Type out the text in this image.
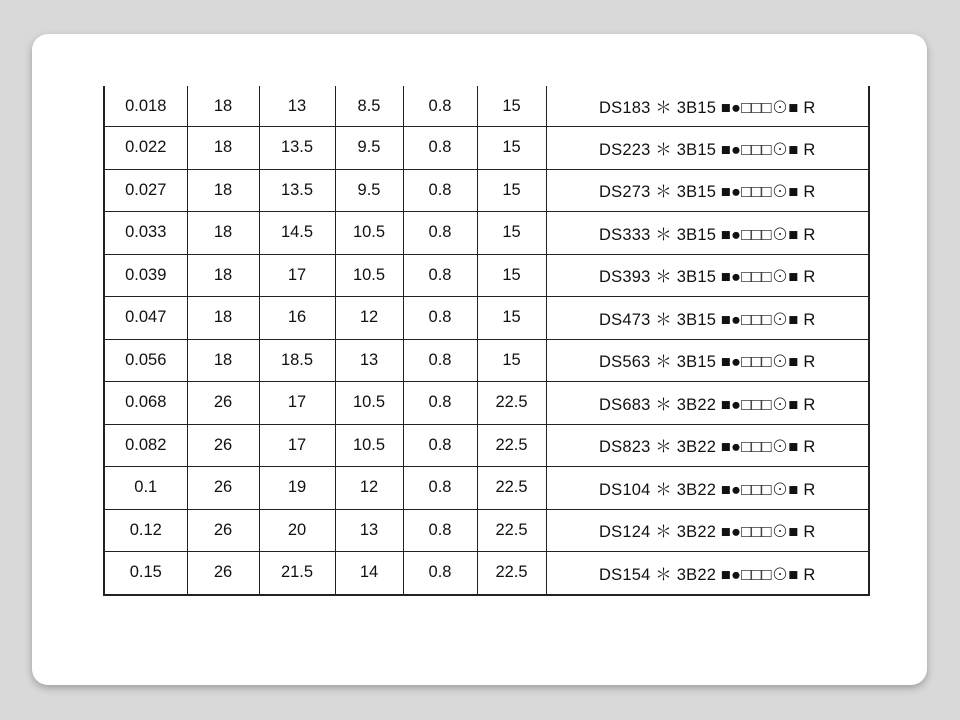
0.018	18	13	8.5	0.8	15	DS183 ＊ 3B15 ■●□□□⊙■ R
0.022	18	13.5	9.5	0.8	15	DS223 ＊ 3B15 ■●□□□⊙■ R
0.027	18	13.5	9.5	0.8	15	DS273 ＊ 3B15 ■●□□□⊙■ R
0.033	18	14.5	10.5	0.8	15	DS333 ＊ 3B15 ■●□□□⊙■ R
0.039	18	17	10.5	0.8	15	DS393 ＊ 3B15 ■●□□□⊙■ R
0.047	18	16	12	0.8	15	DS473 ＊ 3B15 ■●□□□⊙■ R
0.056	18	18.5	13	0.8	15	DS563 ＊ 3B15 ■●□□□⊙■ R
0.068	26	17	10.5	0.8	22.5	DS683 ＊ 3B22 ■●□□□⊙■ R
0.082	26	17	10.5	0.8	22.5	DS823 ＊ 3B22 ■●□□□⊙■ R
0.1	26	19	12	0.8	22.5	DS104 ＊ 3B22 ■●□□□⊙■ R
0.12	26	20	13	0.8	22.5	DS124 ＊ 3B22 ■●□□□⊙■ R
0.15	26	21.5	14	0.8	22.5	DS154 ＊ 3B22 ■●□□□⊙■ R
